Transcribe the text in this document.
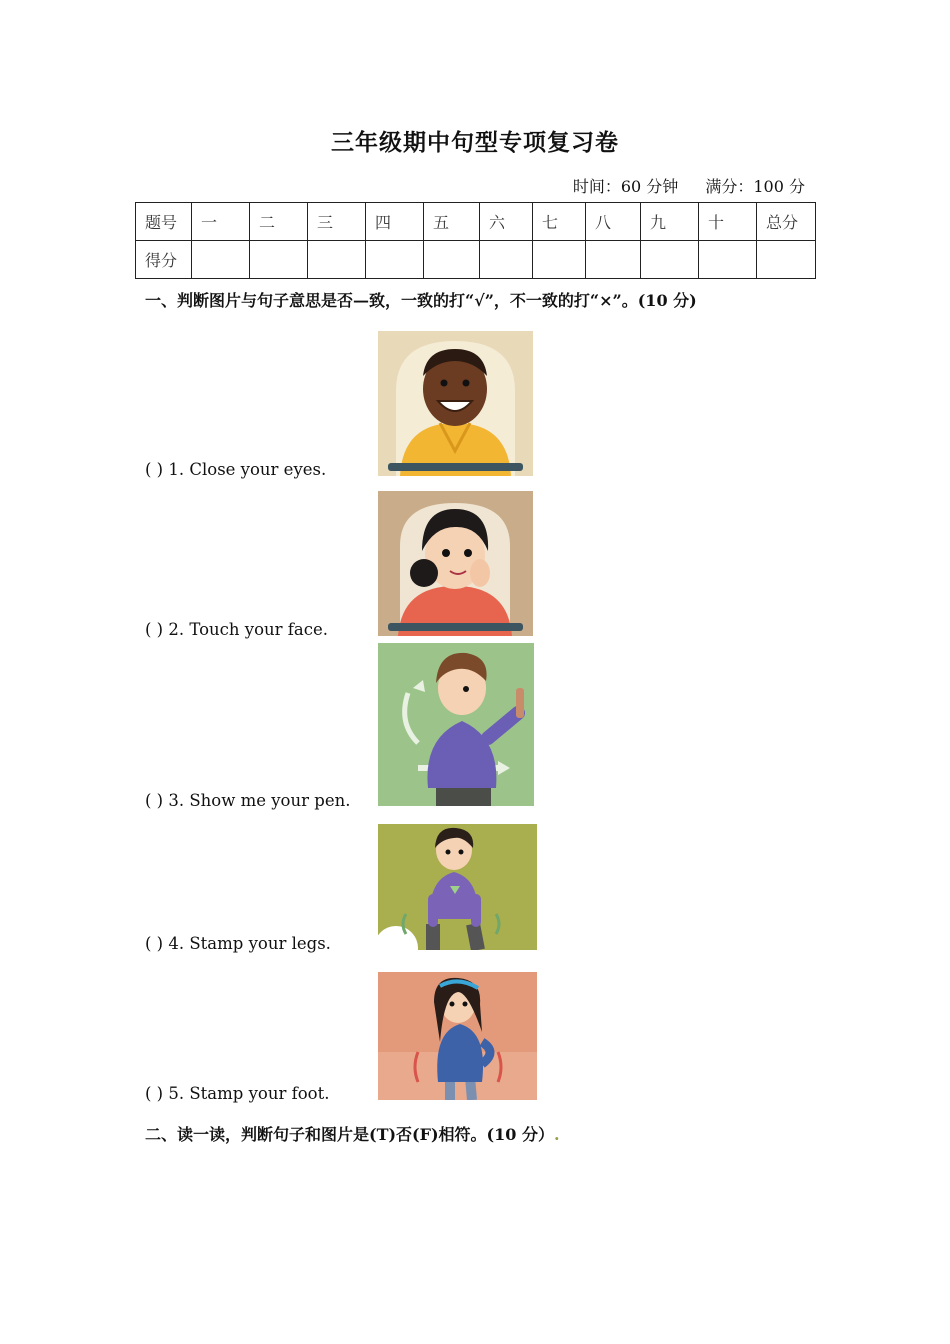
三年级期中句型专项复习卷
时间：60 分钟 满分：100 分
题号	一	二	三	四	五	六	七	八	九	十	总分
得分											
一、判断图片与句子意思是否—致，一致的打“√”，不一致的打“×”。(10 分)
( ) 1. Close your eyes.
( ) 2. Touch your face.
( ) 3. Show me your pen.
( ) 4. Stamp your legs.
( ) 5. Stamp your foot.
二、读一读，判断句子和图片是(T)否(F)相符。(10 分）.
